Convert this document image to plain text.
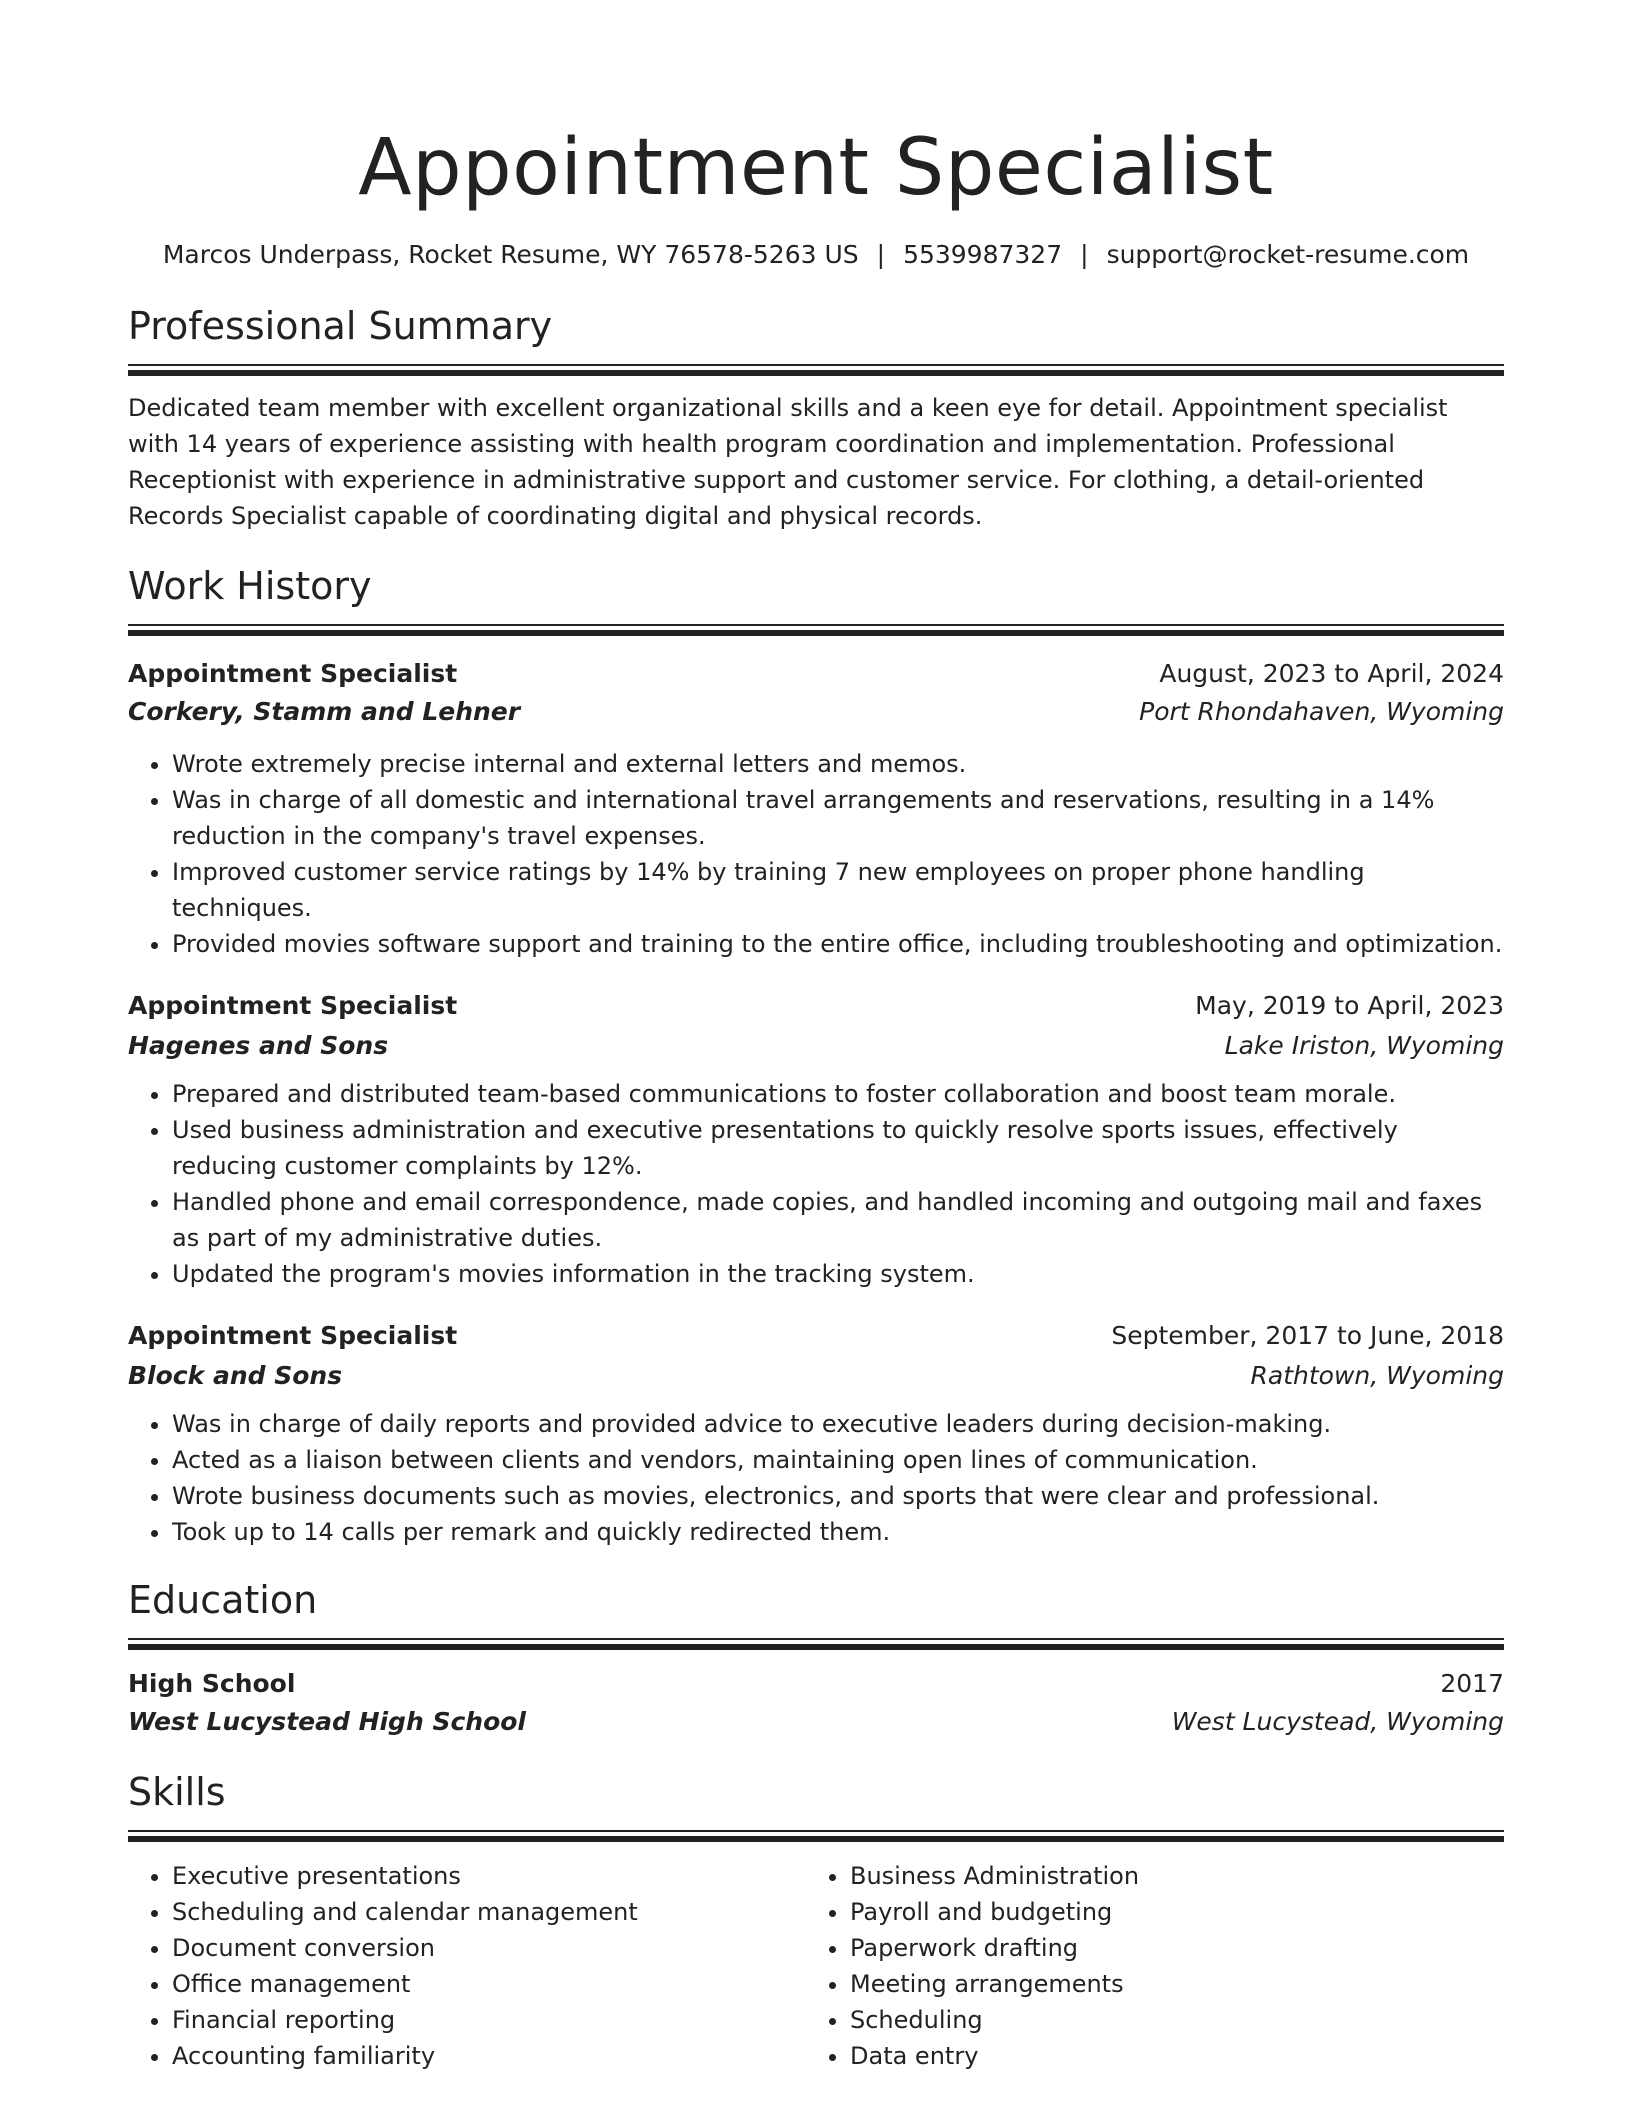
Appointment Specialist
Marcos Underpass, Rocket Resume, WY 76578-5263 US | 5539987327 | support@rocket-resume.com
Professional Summary
Dedicated team member with excellent organizational skills and a keen eye for detail. Appointment specialist with 14 years of experience assisting with health program coordination and implementation. Professional Receptionist with experience in administrative support and customer service. For clothing, a detail-oriented Records Specialist capable of coordinating digital and physical records.
Work History
Appointment Specialist	August, 2023 to April, 2024
Corkery, Stamm and Lehner	Port Rhondahaven, Wyoming
• Wrote extremely precise internal and external letters and memos.
• Was in charge of all domestic and international travel arrangements and reservations, resulting in a 14% reduction in the company's travel expenses.
• Improved customer service ratings by 14% by training 7 new employees on proper phone handling techniques.
• Provided movies software support and training to the entire office, including troubleshooting and optimization.
Appointment Specialist	May, 2019 to April, 2023
Hagenes and Sons	Lake Iriston, Wyoming
• Prepared and distributed team-based communications to foster collaboration and boost team morale.
• Used business administration and executive presentations to quickly resolve sports issues, effectively reducing customer complaints by 12%.
• Handled phone and email correspondence, made copies, and handled incoming and outgoing mail and faxes as part of my administrative duties.
• Updated the program's movies information in the tracking system.
Appointment Specialist	September, 2017 to June, 2018
Block and Sons	Rathtown, Wyoming
• Was in charge of daily reports and provided advice to executive leaders during decision-making.
• Acted as a liaison between clients and vendors, maintaining open lines of communication.
• Wrote business documents such as movies, electronics, and sports that were clear and professional.
• Took up to 14 calls per remark and quickly redirected them.
Education
High School	2017
West Lucystead High School	West Lucystead, Wyoming
Skills
• Executive presentations
• Scheduling and calendar management
• Document conversion
• Office management
• Financial reporting
• Accounting familiarity
• Business Administration
• Payroll and budgeting
• Paperwork drafting
• Meeting arrangements
• Scheduling
• Data entry
